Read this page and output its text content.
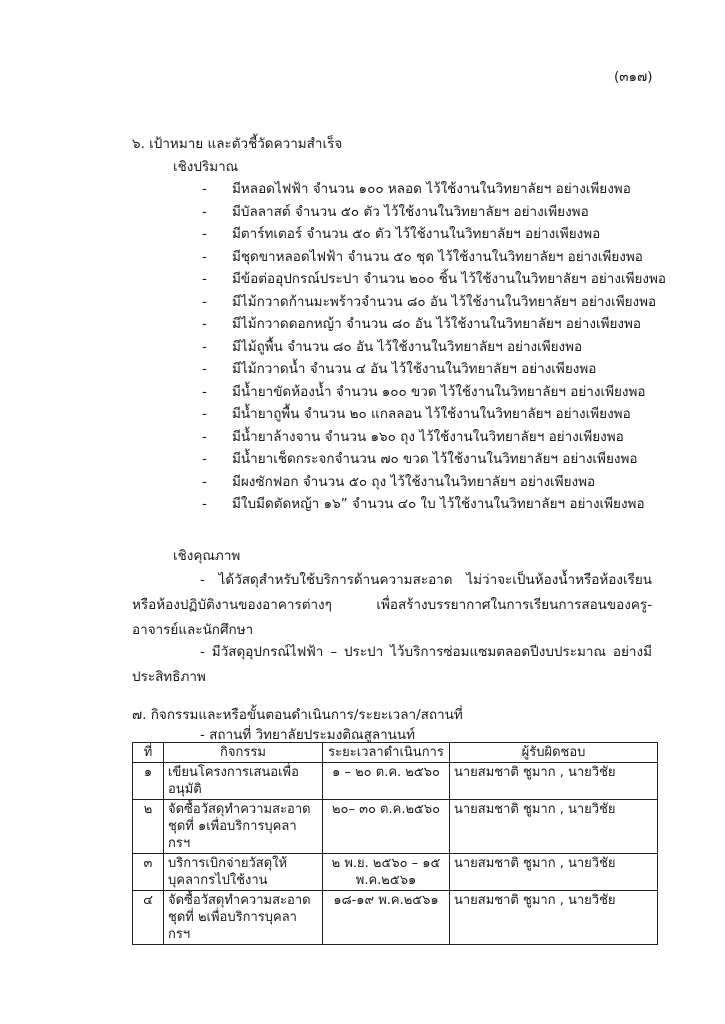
(๓๑๗)
๖. เป้าหมาย และตัวชี้วัดความสำเร็จ
เชิงปริมาณ
- มีหลอดไฟฟ้า จำนวน ๑๐๐ หลอด ไว้ใช้งานในวิทยาลัยฯ อย่างเพียงพอ
- มีบัลลาสต์ จำนวน ๕๐ ตัว ไว้ใช้งานในวิทยาลัยฯ อย่างเพียงพอ
- มีตาร์ทเตอร์ จำนวน ๕๐ ตัว ไว้ใช้งานในวิทยาลัยฯ อย่างเพียงพอ
- มีชุดขาหลอดไฟฟ้า จำนวน ๕๐ ชุด ไว้ใช้งานในวิทยาลัยฯ อย่างเพียงพอ
- มีข้อต่ออุปกรณ์ประปา จำนวน ๒๐๐ ชิ้น ไว้ใช้งานในวิทยาลัยฯ อย่างเพียงพอ
- มีไม้กวาดก้านมะพร้าวจำนวน ๘๐ อัน ไว้ใช้งานในวิทยาลัยฯ อย่างเพียงพอ
- มีไม้กวาดดอกหญ้า จำนวน ๘๐ อัน ไว้ใช้งานในวิทยาลัยฯ อย่างเพียงพอ
- มีไม้ถูพื้น จำนวน ๘๐ อัน ไว้ใช้งานในวิทยาลัยฯ อย่างเพียงพอ
- มีไม้กวาดน้ำ จำนวน ๔ อัน ไว้ใช้งานในวิทยาลัยฯ อย่างเพียงพอ
- มีน้ำยาขัดห้องน้ำ จำนวน ๑๐๐ ขวด ไว้ใช้งานในวิทยาลัยฯ อย่างเพียงพอ
- มีน้ำยาถูพื้น จำนวน ๒๐ แกลลอน ไว้ใช้งานในวิทยาลัยฯ อย่างเพียงพอ
- มีน้ำยาล้างจาน จำนวน ๑๖๐ ถุง ไว้ใช้งานในวิทยาลัยฯ อย่างเพียงพอ
- มีน้ำยาเช็ดกระจกจำนวน ๗๐ ขวด ไว้ใช้งานในวิทยาลัยฯ อย่างเพียงพอ
- มีผงซักฟอก จำนวน ๕๐ ถุง ไว้ใช้งานในวิทยาลัยฯ อย่างเพียงพอ
- มีใบมีดตัดหญ้า ๑๖” จำนวน ๔๐ ใบ ไว้ใช้งานในวิทยาลัยฯ อย่างเพียงพอ
เชิงคุณภาพ
- ได้วัสดุสำหรับใช้บริการด้านความสะอาด ไม่ว่าจะเป็นห้องน้ำหรือห้องเรียนหรือห้องปฏิบัติงานของอาคารต่างๆ เพื่อสร้างบรรยากาศในการเรียนการสอนของครู-อาจารย์และนักศึกษา
- มีวัสดุอุปกรณ์ไฟฟ้า – ประปา ไว้บริการซ่อมแซมตลอดปีงบประมาณ อย่างมีประสิทธิภาพ
๗. กิจกรรมและหรือขั้นตอนดำเนินการ/ระยะเวลา/สถานที่
- สถานที่ วิทยาลัยประมงติณสูลานนท์
ที่	กิจกรรม	ระยะเวลาดำเนินการ	ผู้รับผิดชอบ
๑	เขียนโครงการเสนอเพื่ออนุมัติ	๑ – ๒๐ ต.ค. ๒๕๖๐	นายสมชาติ ชูมาก , นายวิชัย
๒	จัดซื้อวัสดุทำความสะอาดชุดที่ ๑เพื่อบริการบุคลากรฯ	๒๐– ๓๐ ต.ค.๒๕๖๐	นายสมชาติ ชูมาก , นายวิชัย
๓	บริการเบิกจ่ายวัสดุให้บุคลากรไปใช้งาน	๒ พ.ย. ๒๕๖๐ – ๑๕ พ.ค.๒๕๖๑	นายสมชาติ ชูมาก , นายวิชัย
๔	จัดซื้อวัสดุทำความสะอาดชุดที่ ๒เพื่อบริการบุคลากรฯ	๑๘-๑๙ พ.ค.๒๕๖๑	นายสมชาติ ชูมาก , นายวิชัย
